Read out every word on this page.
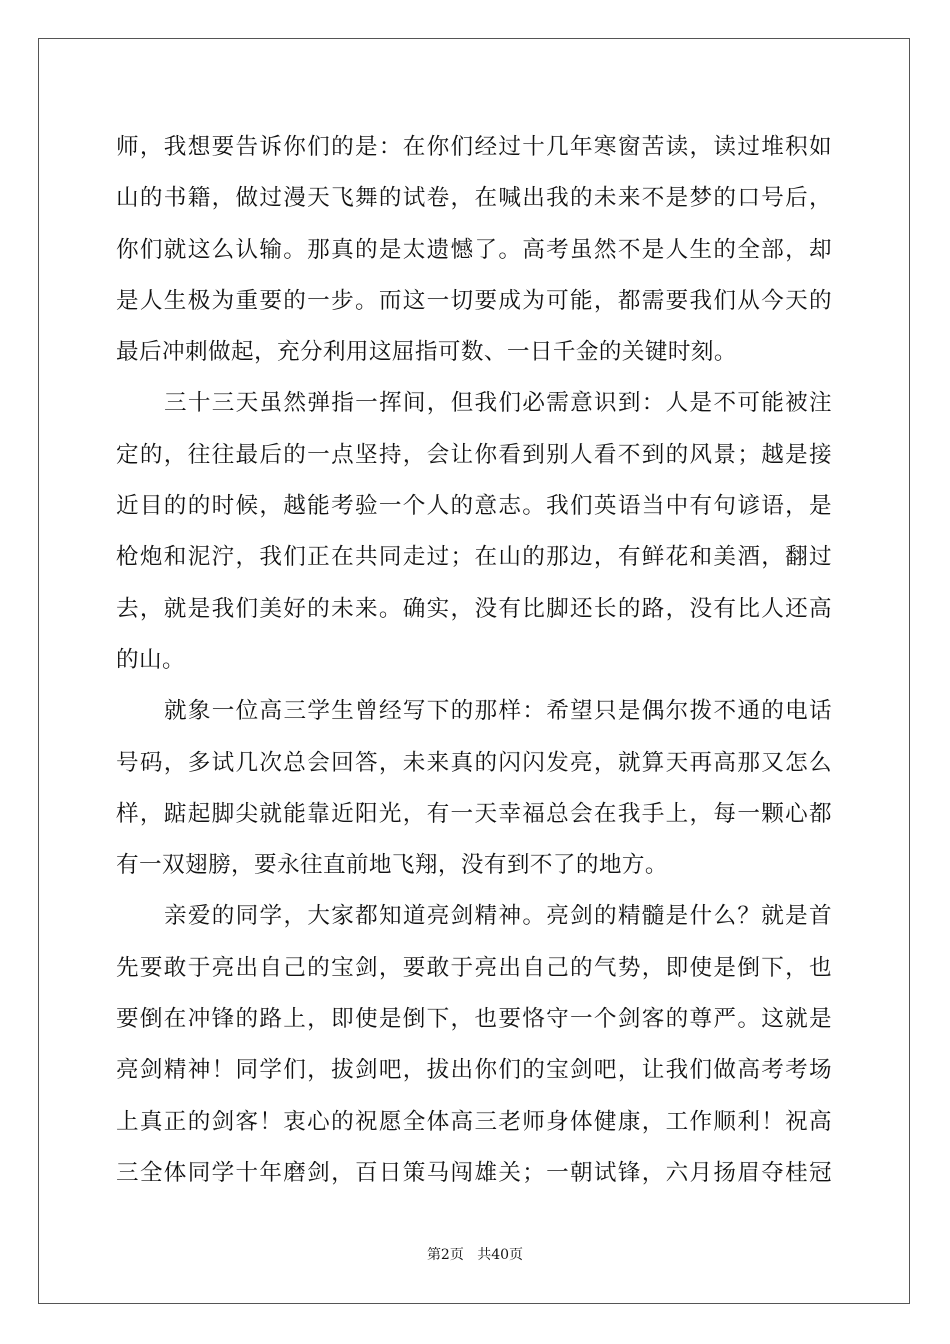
师，我想要告诉你们的是：在你们经过十几年寒窗苦读，读过堆积如
山的书籍，做过漫天飞舞的试卷，在喊出我的未来不是梦的口号后，
你们就这么认输。那真的是太遗憾了。高考虽然不是人生的全部，却
是人生极为重要的一步。而这一切要成为可能，都需要我们从今天的
最后冲刺做起，充分利用这屈指可数、一日千金的关键时刻。

三十三天虽然弹指一挥间，但我们必需意识到：人是不可能被注
定的，往往最后的一点坚持，会让你看到别人看不到的风景；越是接
近目的的时候，越能考验一个人的意志。我们英语当中有句谚语，是
枪炮和泥泞，我们正在共同走过；在山的那边，有鲜花和美酒，翻过
去，就是我们美好的未来。确实，没有比脚还长的路，没有比人还高
的山。

就象一位高三学生曾经写下的那样：希望只是偶尔拨不通的电话
号码，多试几次总会回答，未来真的闪闪发亮，就算天再高那又怎么
样，踮起脚尖就能靠近阳光，有一天幸福总会在我手上，每一颗心都
有一双翅膀，要永往直前地飞翔，没有到不了的地方。

亲爱的同学，大家都知道亮剑精神。亮剑的精髓是什么？就是首
先要敢于亮出自己的宝剑，要敢于亮出自己的气势，即使是倒下，也
要倒在冲锋的路上，即使是倒下，也要恪守一个剑客的尊严。这就是
亮剑精神！同学们，拔剑吧，拔出你们的宝剑吧，让我们做高考考场
上真正的剑客！衷心的祝愿全体高三老师身体健康，工作顺利！祝高
三全体同学十年磨剑，百日策马闯雄关；一朝试锋，六月扬眉夺桂冠

第2页 共40页
